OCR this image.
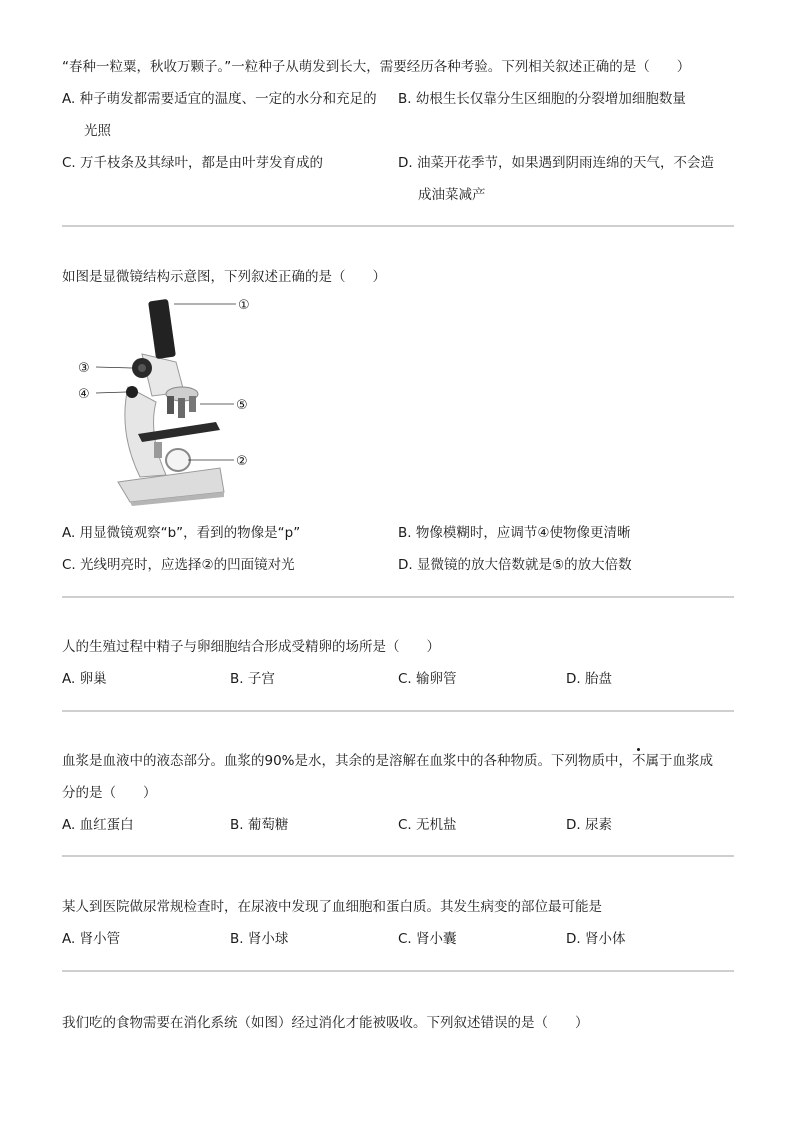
“春种一粒粟，秋收万颗子。”一粒种子从萌发到长大，需要经历各种考验。下列相关叙述正确的是（　　）
A. 种子萌发都需要适宜的温度、一定的水分和充足的
光照
B. 幼根生长仅靠分生区细胞的分裂增加细胞数量
C. 万千枝条及其绿叶，都是由叶芽发育成的	D. 油菜开花季节，如果遇到阴雨连绵的天气，不会造
成油菜减产
如图是显微镜结构示意图，下列叙述正确的是（　　）
①
②
③
④
⑤
A. 用显微镜观察“b”，看到的物像是“p”	B. 物像模糊时，应调节④使物像更清晰
C. 光线明亮时，应选择②的凹面镜对光	D. 显微镜的放大倍数就是⑤的放大倍数
人的生殖过程中精子与卵细胞结合形成受精卵的场所是（　　）
A. 卵巢	B. 子宫	C. 输卵管	D. 胎盘
血浆是血液中的液态部分。血浆的90%是水，其余的是溶解在血浆中的各种物质。下列物质中，不属于血浆成
分的是（　　）
A. 血红蛋白	B. 葡萄糖	C. 无机盐	D. 尿素
某人到医院做尿常规检查时，在尿液中发现了血细胞和蛋白质。其发生病变的部位最可能是
A. 肾小管	B. 肾小球	C. 肾小囊	D. 肾小体
我们吃的食物需要在消化系统（如图）经过消化才能被吸收。下列叙述错误的是（　　）
